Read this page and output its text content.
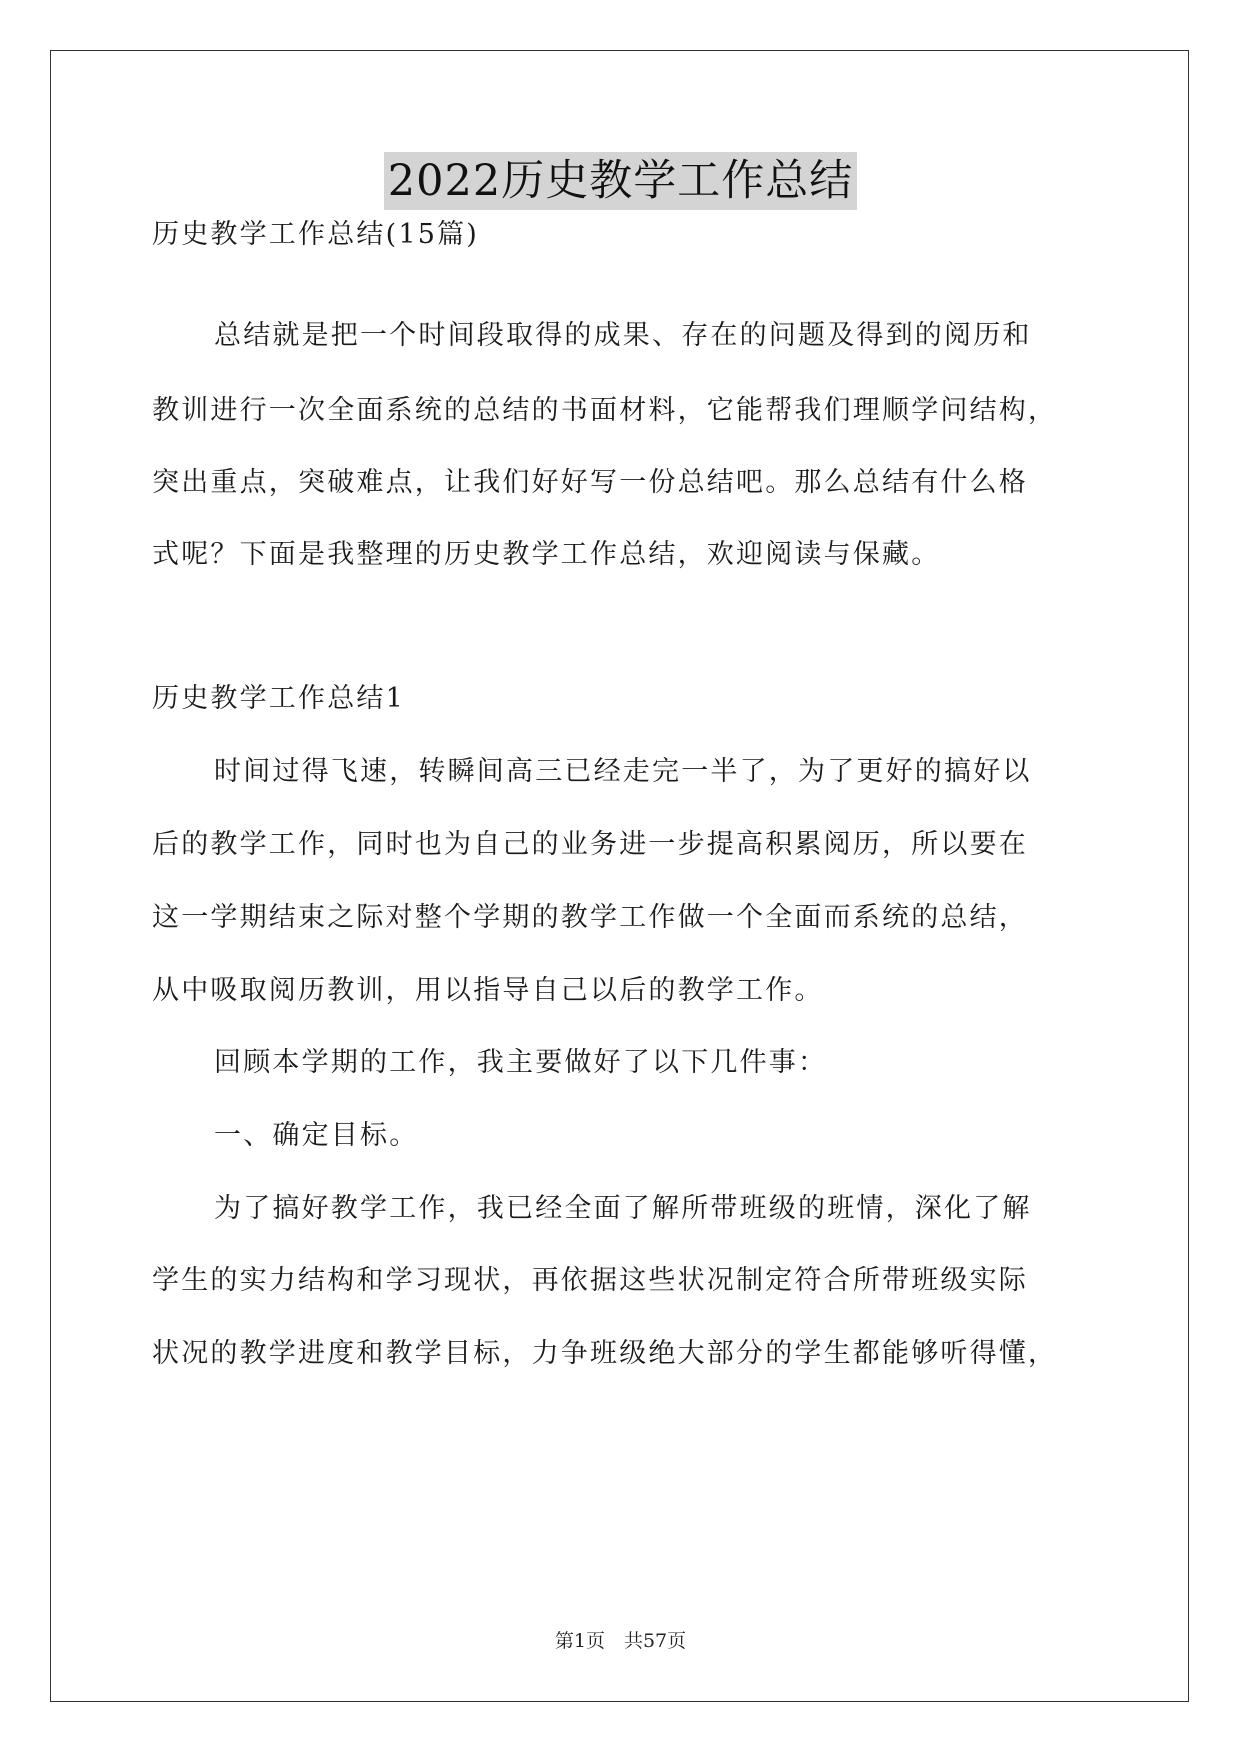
2022历史教学工作总结
历史教学工作总结(15篇)
总结就是把一个时间段取得的成果、存在的问题及得到的阅历和
教训进行一次全面系统的总结的书面材料，它能帮我们理顺学问结构，
突出重点，突破难点，让我们好好写一份总结吧。那么总结有什么格
式呢？下面是我整理的历史教学工作总结，欢迎阅读与保藏。
历史教学工作总结1
时间过得飞速，转瞬间高三已经走完一半了，为了更好的搞好以
后的教学工作，同时也为自己的业务进一步提高积累阅历，所以要在
这一学期结束之际对整个学期的教学工作做一个全面而系统的总结，
从中吸取阅历教训，用以指导自己以后的教学工作。
回顾本学期的工作，我主要做好了以下几件事：
一、确定目标。
为了搞好教学工作，我已经全面了解所带班级的班情，深化了解
学生的实力结构和学习现状，再依据这些状况制定符合所带班级实际
状况的教学进度和教学目标，力争班级绝大部分的学生都能够听得懂，
第1页　共57页
